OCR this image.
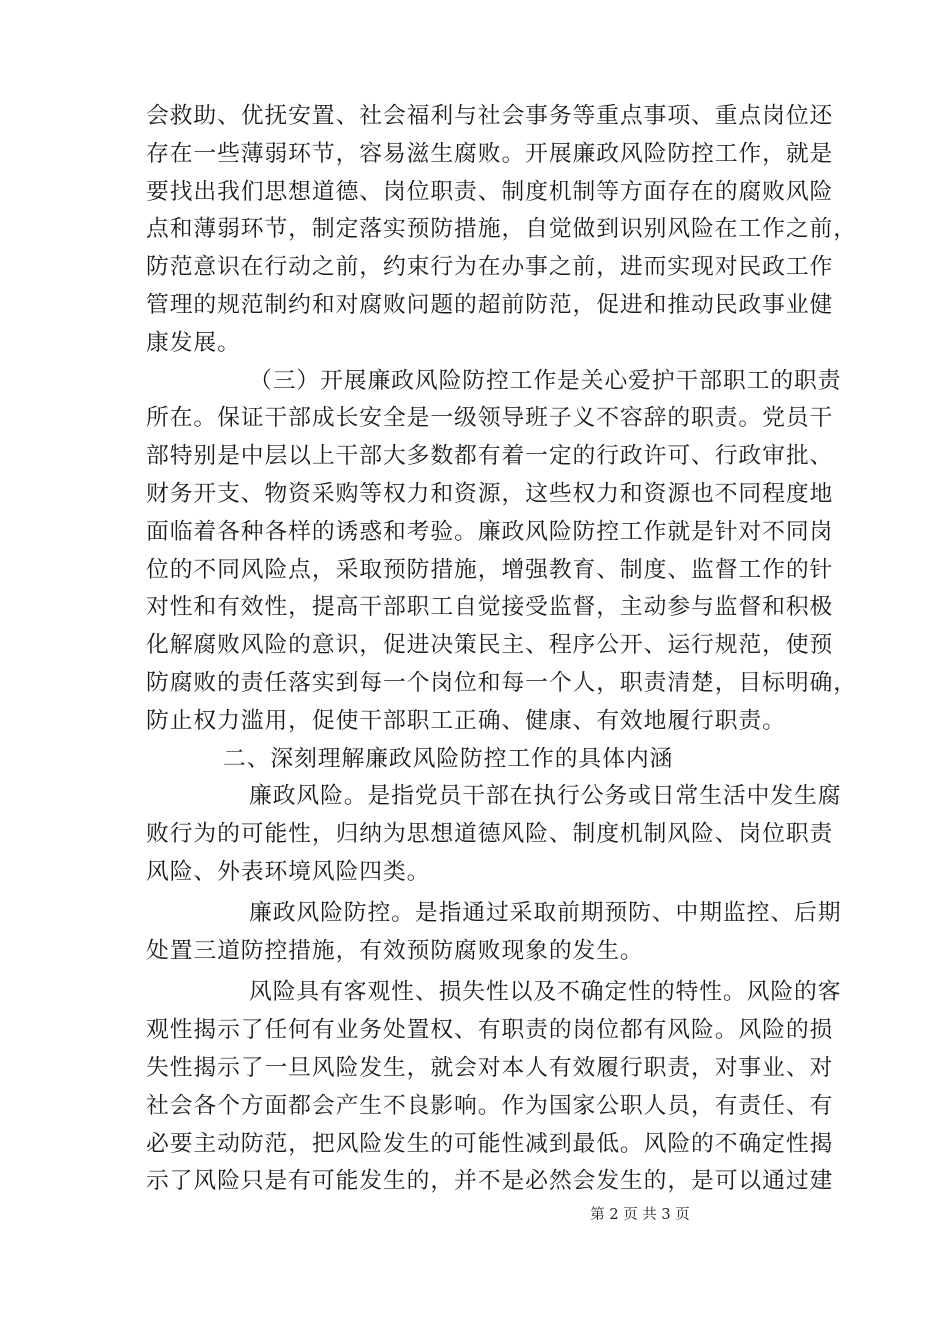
会救助、优抚安置、社会福利与社会事务等重点事项、重点岗位还
存在一些薄弱环节，容易滋生腐败。开展廉政风险防控工作，就是
要找出我们思想道德、岗位职责、制度机制等方面存在的腐败风险
点和薄弱环节，制定落实预防措施，自觉做到识别风险在工作之前，
防范意识在行动之前，约束行为在办事之前，进而实现对民政工作
管理的规范制约和对腐败问题的超前防范，促进和推动民政事业健
康发展。
（三）开展廉政风险防控工作是关心爱护干部职工的职责
所在。保证干部成长安全是一级领导班子义不容辞的职责。党员干
部特别是中层以上干部大多数都有着一定的行政许可、行政审批、
财务开支、物资采购等权力和资源，这些权力和资源也不同程度地
面临着各种各样的诱惑和考验。廉政风险防控工作就是针对不同岗
位的不同风险点，采取预防措施，增强教育、制度、监督工作的针
对性和有效性，提高干部职工自觉接受监督，主动参与监督和积极
化解腐败风险的意识，促进决策民主、程序公开、运行规范，使预
防腐败的责任落实到每一个岗位和每一个人，职责清楚，目标明确，
防止权力滥用，促使干部职工正确、健康、有效地履行职责。
二、深刻理解廉政风险防控工作的具体内涵
廉政风险。是指党员干部在执行公务或日常生活中发生腐
败行为的可能性，归纳为思想道德风险、制度机制风险、岗位职责
风险、外表环境风险四类。
廉政风险防控。是指通过采取前期预防、中期监控、后期
处置三道防控措施，有效预防腐败现象的发生。
风险具有客观性、损失性以及不确定性的特性。风险的客
观性揭示了任何有业务处置权、有职责的岗位都有风险。风险的损
失性揭示了一旦风险发生，就会对本人有效履行职责，对事业、对
社会各个方面都会产生不良影响。作为国家公职人员，有责任、有
必要主动防范，把风险发生的可能性减到最低。风险的不确定性揭
示了风险只是有可能发生的，并不是必然会发生的，是可以通过建
第 2 页 共 3 页
